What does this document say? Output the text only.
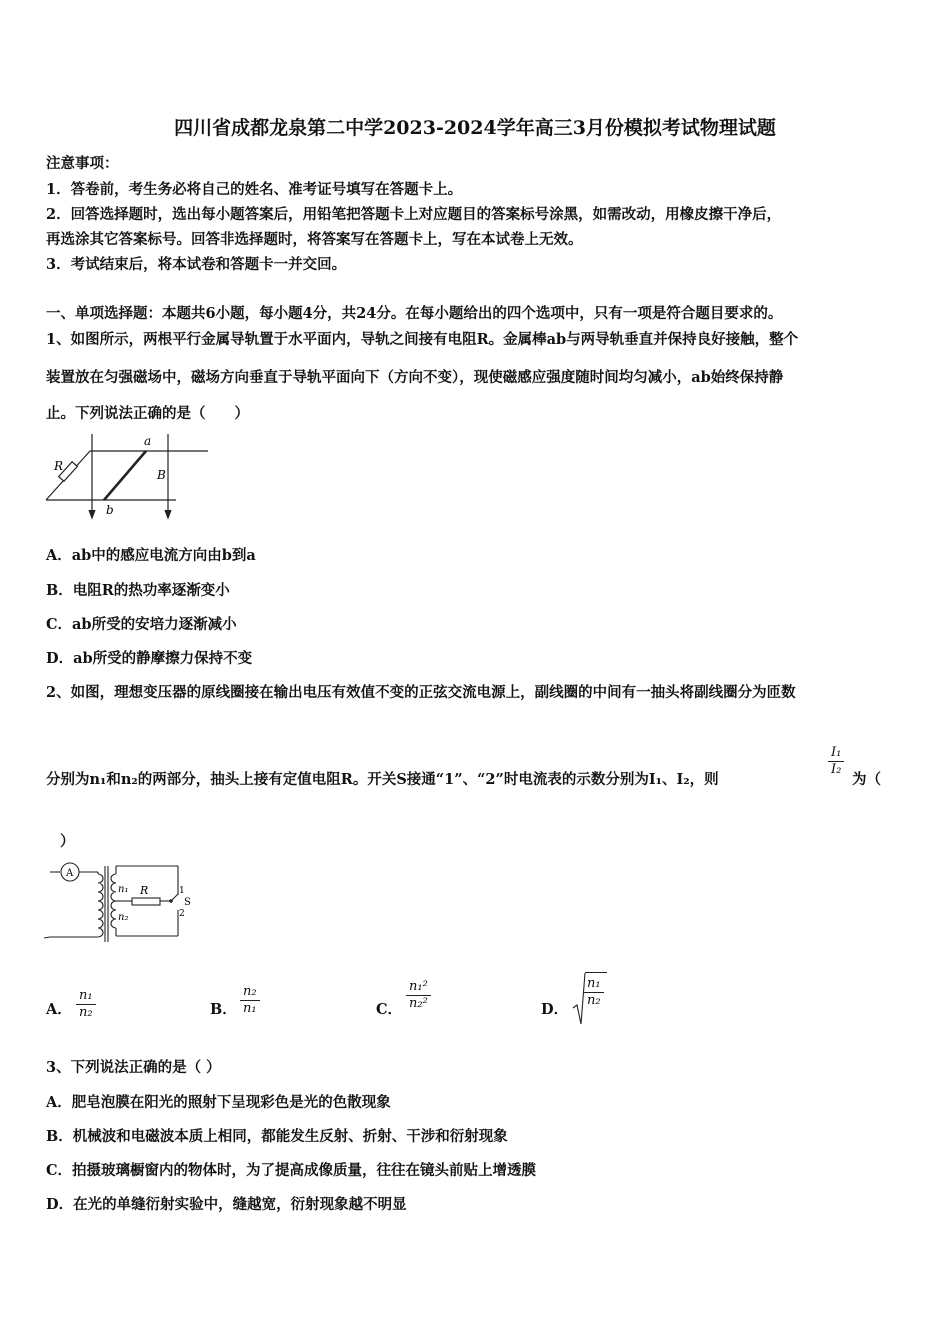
四川省成都龙泉第二中学2023-2024学年高三3月份模拟考试物理试题
注意事项：
1．答卷前，考生务必将自己的姓名、准考证号填写在答题卡上。
2．回答选择题时，选出每小题答案后，用铅笔把答题卡上对应题目的答案标号涂黑，如需改动，用橡皮擦干净后，
再选涂其它答案标号。回答非选择题时，将答案写在答题卡上，写在本试卷上无效。
3．考试结束后，将本试卷和答题卡一并交回。
一、单项选择题：本题共6小题，每小题4分，共24分。在每小题给出的四个选项中，只有一项是符合题目要求的。
1、如图所示，两根平行金属导轨置于水平面内，导轨之间接有电阻R。金属棒ab与两导轨垂直并保持良好接触，整个
装置放在匀强磁场中，磁场方向垂直于导轨平面向下（方向不变），现使磁感应强度随时间均匀减小，ab始终保持静
止。下列说法正确的是（　　）
R
a
b
B
A．ab中的感应电流方向由b到a
B．电阻R的热功率逐渐变小
C．ab所受的安培力逐渐减小
D．ab所受的静摩擦力保持不变
2、如图，理想变压器的原线圈接在输出电压有效值不变的正弦交流电源上，副线圈的中间有一抽头将副线圈分为匝数
分别为n₁和n₂的两部分，抽头上接有定值电阻R。开关S接通“1”、“2”时电流表的示数分别为I₁、I₂，则
$\frac{\text{I₁}}{\text{I₂}}$
为（
）
A
n₁
n₂
R
S
1
2
A． $\frac{\text{n₁}}{\text{n₂}}$	B． $\frac{\text{n₂}}{\text{n₁}}$	C． $\frac{\text{n₁²}}{\text{n₂²}}$	D．
$\frac{\text{n₁}}{\text{n₂}}$
3、下列说法正确的是（ ）
A．肥皂泡膜在阳光的照射下呈现彩色是光的色散现象
B．机械波和电磁波本质上相同，都能发生反射、折射、干涉和衍射现象
C．拍摄玻璃橱窗内的物体时，为了提高成像质量，往往在镜头前贴上增透膜
D．在光的单缝衍射实验中，缝越宽，衍射现象越不明显
